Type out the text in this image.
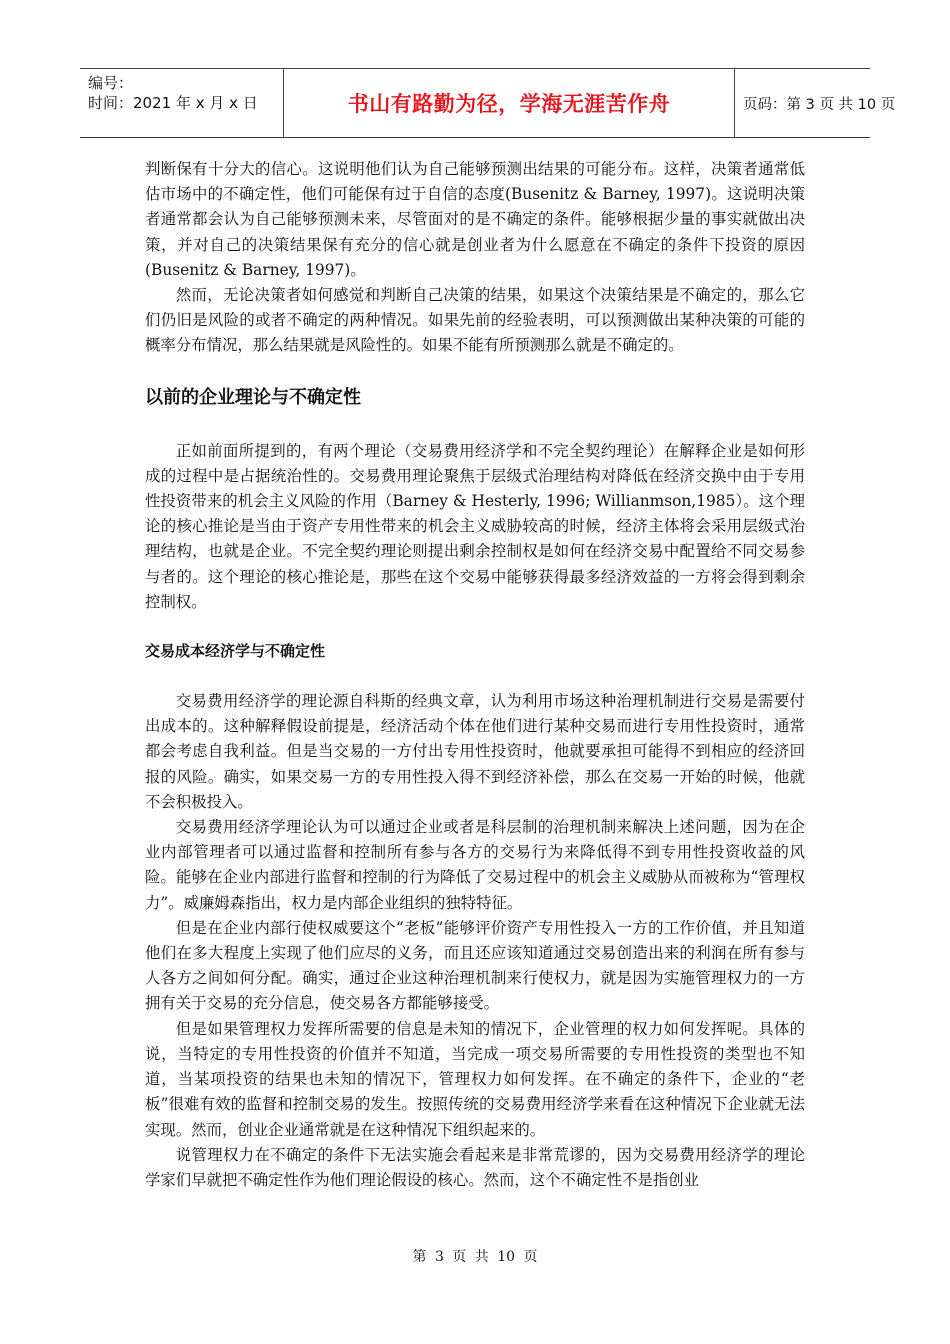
编号：
时间：2021 年 x 月 x 日	书山有路勤为径，学海无涯苦作舟	页码：第 3 页 共 10 页

判断保有十分大的信心。这说明他们认为自己能够预测出结果的可能分布。这样，决策者通常低估市场中的不确定性，他们可能保有过于自信的态度(Busenitz & Barney, 1997)。这说明决策者通常都会认为自己能够预测未来，尽管面对的是不确定的条件。能够根据少量的事实就做出决策，并对自己的决策结果保有充分的信心就是创业者为什么愿意在不确定的条件下投资的原因(Busenitz & Barney, 1997)。

然而，无论决策者如何感觉和判断自己决策的结果，如果这个决策结果是不确定的，那么它们仍旧是风险的或者不确定的两种情况。如果先前的经验表明，可以预测做出某种决策的可能的概率分布情况，那么结果就是风险性的。如果不能有所预测那么就是不确定的。

以前的企业理论与不确定性

正如前面所提到的，有两个理论（交易费用经济学和不完全契约理论）在解释企业是如何形成的过程中是占据统治性的。交易费用理论聚焦于层级式治理结构对降低在经济交换中由于专用性投资带来的机会主义风险的作用（Barney & Hesterly, 1996; Willianmson,1985）。这个理论的核心推论是当由于资产专用性带来的机会主义威胁较高的时候，经济主体将会采用层级式治理结构，也就是企业。不完全契约理论则提出剩余控制权是如何在经济交易中配置给不同交易参与者的。这个理论的核心推论是，那些在这个交易中能够获得最多经济效益的一方将会得到剩余控制权。

交易成本经济学与不确定性

交易费用经济学的理论源自科斯的经典文章，认为利用市场这种治理机制进行交易是需要付出成本的。这种解释假设前提是，经济活动个体在他们进行某种交易而进行专用性投资时，通常都会考虑自我利益。但是当交易的一方付出专用性投资时，他就要承担可能得不到相应的经济回报的风险。确实，如果交易一方的专用性投入得不到经济补偿，那么在交易一开始的时候，他就不会积极投入。

交易费用经济学理论认为可以通过企业或者是科层制的治理机制来解决上述问题，因为在企业内部管理者可以通过监督和控制所有参与各方的交易行为来降低得不到专用性投资收益的风险。能够在企业内部进行监督和控制的行为降低了交易过程中的机会主义威胁从而被称为“管理权力”。威廉姆森指出，权力是内部企业组织的独特特征。

但是在企业内部行使权威要这个“老板”能够评价资产专用性投入一方的工作价值，并且知道他们在多大程度上实现了他们应尽的义务，而且还应该知道通过交易创造出来的利润在所有参与人各方之间如何分配。确实，通过企业这种治理机制来行使权力，就是因为实施管理权力的一方拥有关于交易的充分信息，使交易各方都能够接受。

但是如果管理权力发挥所需要的信息是未知的情况下，企业管理的权力如何发挥呢。具体的说，当特定的专用性投资的价值并不知道，当完成一项交易所需要的专用性投资的类型也不知道，当某项投资的结果也未知的情况下，管理权力如何发挥。在不确定的条件下，企业的“老板”很难有效的监督和控制交易的发生。按照传统的交易费用经济学来看在这种情况下企业就无法实现。然而，创业企业通常就是在这种情况下组织起来的。

说管理权力在不确定的条件下无法实施会看起来是非常荒谬的，因为交易费用经济学的理论学家们早就把不确定性作为他们理论假设的核心。然而，这个不确定性不是指创业

第 3 页 共 10 页
